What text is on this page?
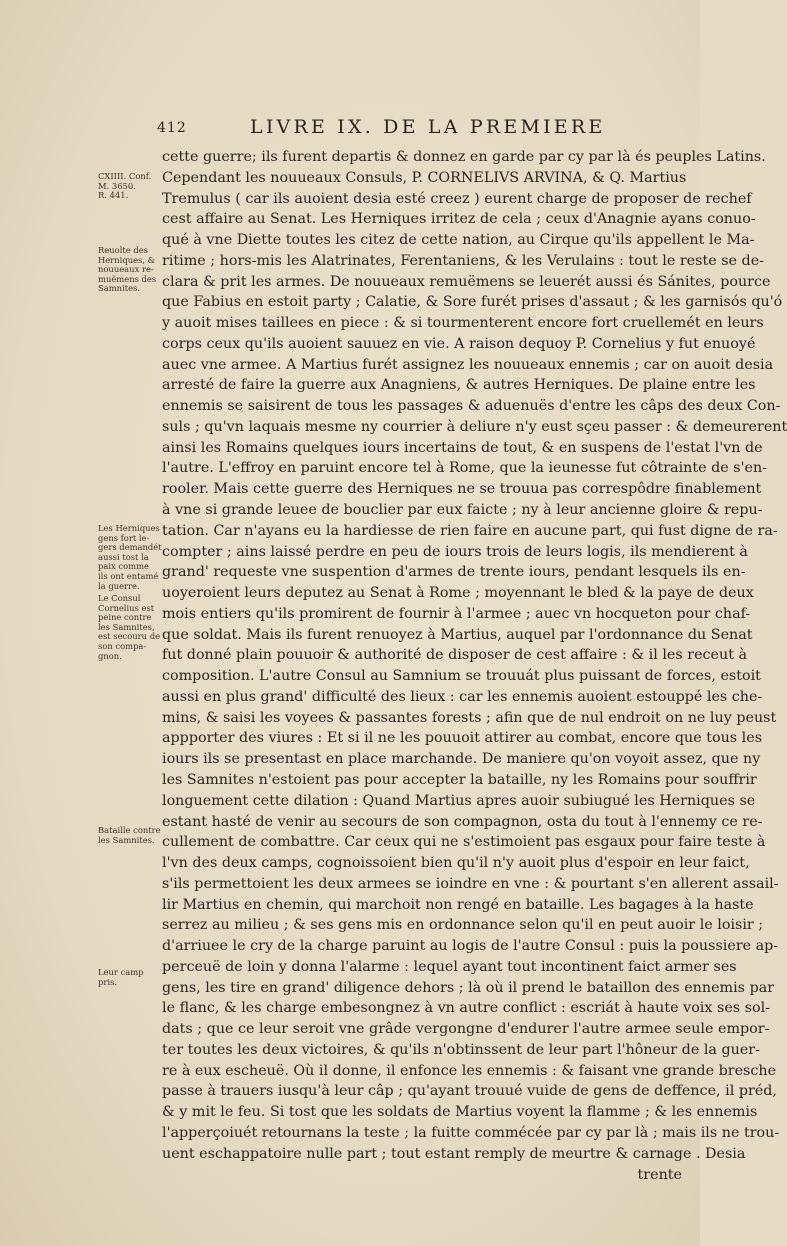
412	LIVRE IX. DE LA PREMIERE
cette guerre; ils furent departis & donnez en garde par cy par là és peuples Latins.
Cependant les nouueaux Consuls, P. CORNELIVS ARVINA, & Q. Martius
Tremulus ( car ils auoient desia esté creez ) eurent charge de proposer de rechef
cest affaire au Senat. Les Herniques irritez de cela ; ceux d'Anagnie ayans conuo-
qué à vne Diette toutes les citez de cette nation, au Cirque qu'ils appellent le Ma-
ritime ; hors-mis les Alatrinates, Ferentaniens, & les Verulains : tout le reste se de-
clara & prit les armes. De nouueaux remuëmens se leuerét aussi és Sánites, pource
que Fabius en estoit party ; Calatie, & Sore furét prises d'assaut ; & les garnisós qu'ó
y auoit mises taillees en piece : & si tourmenterent encore fort cruellemét en leurs
corps ceux qu'ils auoient sauuez en vie. A raison dequoy P. Cornelius y fut enuoyé
auec vne armee. A Martius furét assignez les nouueaux ennemis ; car on auoit desia
arresté de faire la guerre aux Anagniens, & autres Herniques. De plaine entre les
ennemis se saisirent de tous les passages & aduenuës d'entre les câps des deux Con-
suls ; qu'vn laquais mesme ny courrier à deliure n'y eust sçeu passer : & demeurerent
ainsi les Romains quelques iours incertains de tout, & en suspens de l'estat l'vn de
l'autre. L'effroy en paruint encore tel à Rome, que la ieunesse fut côtrainte de s'en-
rooler. Mais cette guerre des Herniques ne se trouua pas correspôdre finablement
à vne si grande leuee de bouclier par eux faicte ; ny à leur ancienne gloire & repu-
tation. Car n'ayans eu la hardiesse de rien faire en aucune part, qui fust digne de ra-
compter ; ains laissé perdre en peu de iours trois de leurs logis, ils mendierent à
grand' requeste vne suspention d'armes de trente iours, pendant lesquels ils en-
uoyeroient leurs deputez au Senat à Rome ; moyennant le bled & la paye de deux
mois entiers qu'ils promirent de fournir à l'armee ; auec vn hocqueton pour chaf-
que soldat. Mais ils furent renuoyez à Martius, auquel par l'ordonnance du Senat
fut donné plain pouuoir & authorité de disposer de cest affaire : & il les receut à
composition. L'autre Consul au Samnium se trouuát plus puissant de forces, estoit
aussi en plus grand' difficulté des lieux : car les ennemis auoient estouppé les che-
mins, & saisi les voyees & passantes forests ; afin que de nul endroit on ne luy peust
appporter des viures : Et si il ne les pouuoit attirer au combat, encore que tous les
iours ils se presentast en place marchande. De maniere qu'on voyoit assez, que ny
les Samnites n'estoient pas pour accepter la bataille, ny les Romains pour souffrir
longuement cette dilation : Quand Martius apres auoir subiugué les Herniques se
estant hasté de venir au secours de son compagnon, osta du tout à l'ennemy ce re-
cullement de combattre. Car ceux qui ne s'estimoient pas esgaux pour faire teste à
l'vn des deux camps, cognoissoient bien qu'il n'y auoit plus d'espoir en leur faict,
s'ils permettoient les deux armees se ioindre en vne : & pourtant s'en allerent assail-
lir Martius en chemin, qui marchoit non rengé en bataille. Les bagages à la haste
serrez au milieu ; & ses gens mis en ordonnance selon qu'il en peut auoir le loisir ;
d'arriuee le cry de la charge paruint au logis de l'autre Consul : puis la poussiere ap-
perceuë de loin y donna l'alarme : lequel ayant tout incontinent faict armer ses
gens, les tire en grand' diligence dehors ; là où il prend le bataillon des ennemis par
le flanc, & les charge embesongnez à vn autre conflict : escriát à haute voix ses sol-
dats ; que ce leur seroit vne grâde vergongne d'endurer l'autre armee seule empor-
ter toutes les deux victoires, & qu'ils n'obtinssent de leur part l'hôneur de la guer-
re à eux escheuë. Où il donne, il enfonce les ennemis : & faisant vne grande bresche
passe à trauers iusqu'à leur câp ; qu'ayant trouué vuide de gens de deffence, il préd,
& y mit le feu. Si tost que les soldats de Martius voyent la flamme ; & les ennemis
l'apperçoiuét retournans la teste ; la fuitte commécée par cy par là ; mais ils ne trou-
uent eschappatoire nulle part ; tout estant remply de meurtre & carnage . Desia
trente
CXIIII. Conf.
M. 3650.
R. 441.
Reuolte des
Herniques, &
nouueaux re-
muëmens des
Samnites.
Les Herniques
gens fort le-
gers demandét
aussi tost la
paix comme
ils ont entamé
la guerre.
Le Consul
Cornelius est
peine contre
les Samnites,
est secouru de
son compa-
gnon.
Bataille contre
les Samnites.
Leur camp
pris.
